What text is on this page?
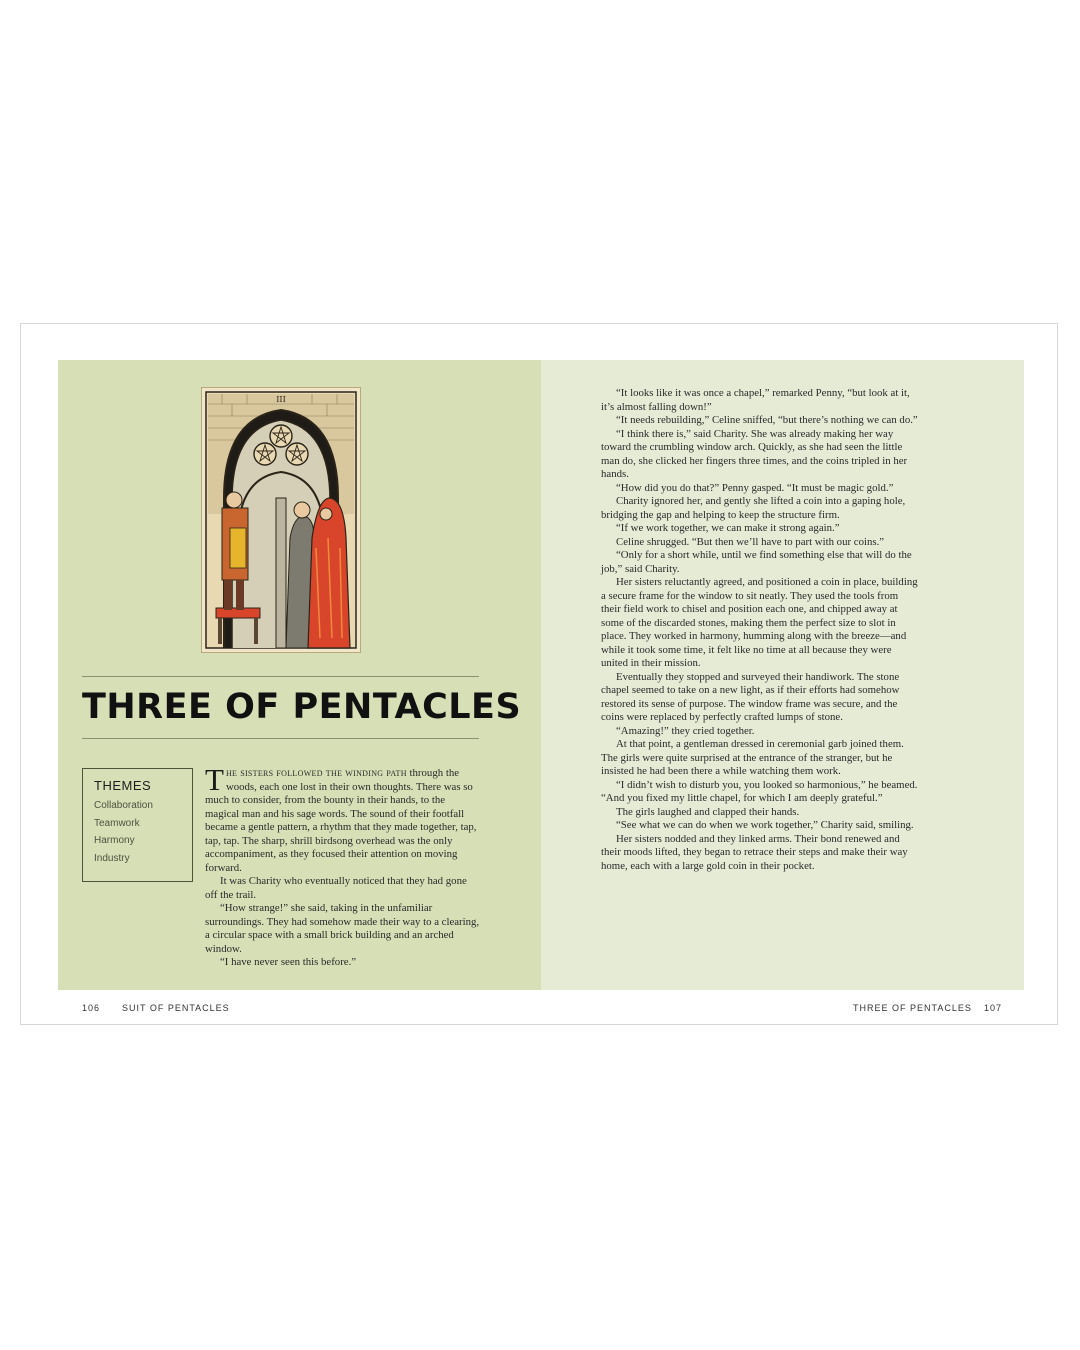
III
THREE OF PENTACLES
THEMES
Collaboration
Teamwork
Harmony
Industry

The sisters followed the winding path through the woods, each one lost in their own thoughts. There was so much to consider, from the bounty in their hands, to the magical man and his sage words. The sound of their footfall became a gentle pattern, a rhythm that they made together, tap, tap, tap. The sharp, shrill birdsong overhead was the only accompaniment, as they focused their attention on moving forward.

It was Charity who eventually noticed that they had gone off the trail.

“How strange!” she said, taking in the unfamiliar surroundings. They had somehow made their way to a clearing, a circular space with a small brick building and an arched window.

“I have never seen this before.”

“It looks like it was once a chapel,” remarked Penny, “but look at it, it’s almost falling down!”

“It needs rebuilding,” Celine sniffed, “but there’s nothing we can do.”

“I think there is,” said Charity. She was already making her way toward the crumbling window arch. Quickly, as she had seen the little man do, she clicked her fingers three times, and the coins tripled in her hands.

“How did you do that?” Penny gasped. “It must be magic gold.”

Charity ignored her, and gently she lifted a coin into a gaping hole, bridging the gap and helping to keep the structure firm.

“If we work together, we can make it strong again.”

Celine shrugged. “But then we’ll have to part with our coins.”

“Only for a short while, until we find something else that will do the job,” said Charity.

Her sisters reluctantly agreed, and positioned a coin in place, building a secure frame for the window to sit neatly. They used the tools from their field work to chisel and position each one, and chipped away at some of the discarded stones, making them the perfect size to slot in place. They worked in harmony, humming along with the breeze—and while it took some time, it felt like no time at all because they were united in their mission.

Eventually they stopped and surveyed their handiwork. The stone chapel seemed to take on a new light, as if their efforts had somehow restored its sense of purpose. The window frame was secure, and the coins were replaced by perfectly crafted lumps of stone.

“Amazing!” they cried together.

At that point, a gentleman dressed in ceremonial garb joined them. The girls were quite surprised at the entrance of the stranger, but he insisted he had been there a while watching them work.

“I didn’t wish to disturb you, you looked so harmonious,” he beamed. “And you fixed my little chapel, for which I am deeply grateful.”

The girls laughed and clapped their hands.

“See what we can do when we work together,” Charity said, smiling.

Her sisters nodded and they linked arms. Their bond renewed and their moods lifted, they began to retrace their steps and make their way home, each with a large gold coin in their pocket.

106 SUIT OF PENTACLES	THREE OF PENTACLES 107
